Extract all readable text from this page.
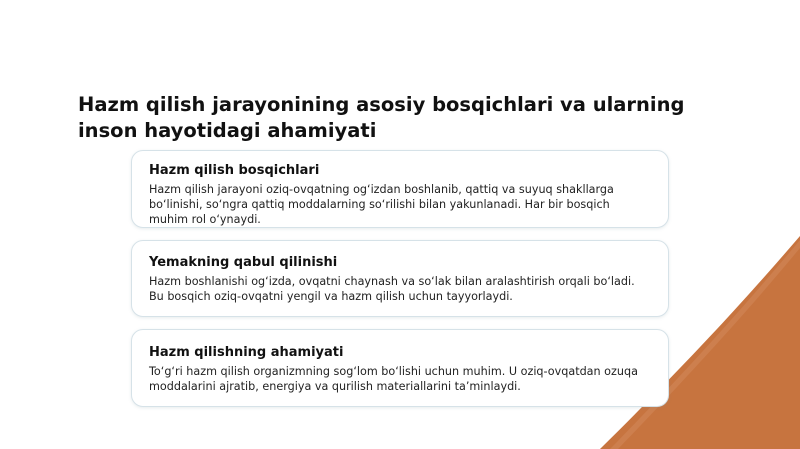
Hazm qilish jarayonining asosiy bosqichlari va ularning inson hayotidagi ahamiyati
Hazm qilish bosqichlari

Hazm qilish jarayoni oziq-ovqatning og‘izdan boshlanib, qattiq va suyuq shakllarga bo‘linishi, so‘ngra qattiq moddalarning so‘rilishi bilan yakunlanadi. Har bir bosqich muhim rol o‘ynaydi.

Yemakning qabul qilinishi

Hazm boshlanishi og‘izda, ovqatni chaynash va so‘lak bilan aralashtirish orqali bo‘ladi. Bu bosqich oziq-ovqatni yengil va hazm qilish uchun tayyorlaydi.

Hazm qilishning ahamiyati

To‘g‘ri hazm qilish organizmning sog‘lom bo‘lishi uchun muhim. U oziq-ovqatdan ozuqa moddalarini ajratib, energiya va qurilish materiallarini ta’minlaydi.
